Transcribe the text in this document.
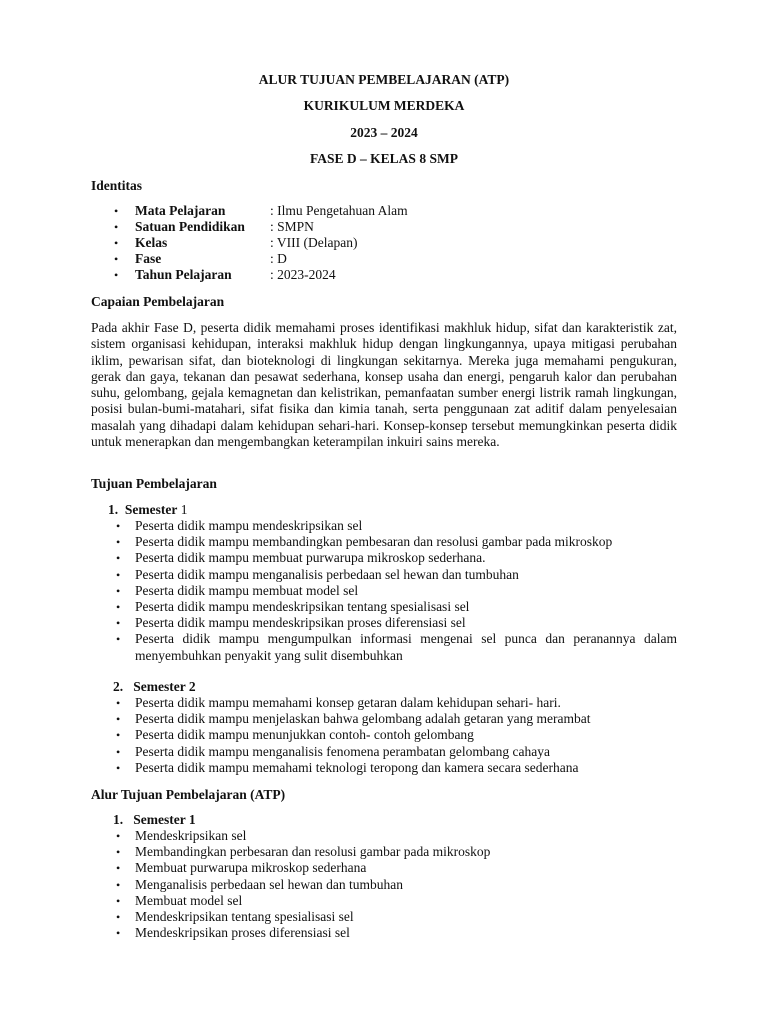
ALUR TUJUAN PEMBELAJARAN (ATP)
KURIKULUM MERDEKA
2023 – 2024
FASE D – KELAS 8 SMP
Identitas
•	Mata Pelajaran	: Ilmu Pengetahuan Alam
•	Satuan Pendidikan	: SMPN
•	Kelas	: VIII (Delapan)
•	Fase	: D
•	Tahun Pelajaran	: 2023-2024
Capaian Pembelajaran

Pada akhir Fase D, peserta didik memahami proses identifikasi makhluk hidup, sifat dan karakteristik zat, sistem organisasi kehidupan, interaksi makhluk hidup dengan lingkungannya, upaya mitigasi perubahan iklim, pewarisan sifat, dan bioteknologi di lingkungan sekitarnya. Mereka juga memahami pengukuran, gerak dan gaya, tekanan dan pesawat sederhana, konsep usaha dan energi, pengaruh kalor dan perubahan suhu, gelombang, gejala kemagnetan dan kelistrikan, pemanfaatan sumber energi listrik ramah lingkungan, posisi bulan-bumi-matahari, sifat fisika dan kimia tanah, serta penggunaan zat aditif dalam penyelesaian masalah yang dihadapi dalam kehidupan sehari-hari. Konsep-konsep tersebut memungkinkan peserta didik untuk menerapkan dan mengembangkan keterampilan inkuiri sains mereka.

Tujuan Pembelajaran
1. Semester 1
•	Peserta didik mampu mendeskripsikan sel
•	Peserta didik mampu membandingkan pembesaran dan resolusi gambar pada mikroskop
•	Peserta didik mampu membuat purwarupa mikroskop sederhana.
•	Peserta didik mampu menganalisis perbedaan sel hewan dan tumbuhan
•	Peserta didik mampu membuat model sel
•	Peserta didik mampu mendeskripsikan tentang spesialisasi sel
•	Peserta didik mampu mendeskripsikan proses diferensiasi sel
•	Peserta didik mampu mengumpulkan informasi mengenai sel punca dan peranannya dalam menyembuhkan penyakit yang sulit disembuhkan
2. Semester 2
•	Peserta didik mampu memahami konsep getaran dalam kehidupan sehari- hari.
•	Peserta didik mampu menjelaskan bahwa gelombang adalah getaran yang merambat
•	Peserta didik mampu menunjukkan contoh- contoh gelombang
•	Peserta didik mampu menganalisis fenomena perambatan gelombang cahaya
•	Peserta didik mampu memahami teknologi teropong dan kamera secara sederhana
Alur Tujuan Pembelajaran (ATP)
1. Semester 1
•	Mendeskripsikan sel
•	Membandingkan perbesaran dan resolusi gambar pada mikroskop
•	Membuat purwarupa mikroskop sederhana
•	Menganalisis perbedaan sel hewan dan tumbuhan
•	Membuat model sel
•	Mendeskripsikan tentang spesialisasi sel
•	Mendeskripsikan proses diferensiasi sel
